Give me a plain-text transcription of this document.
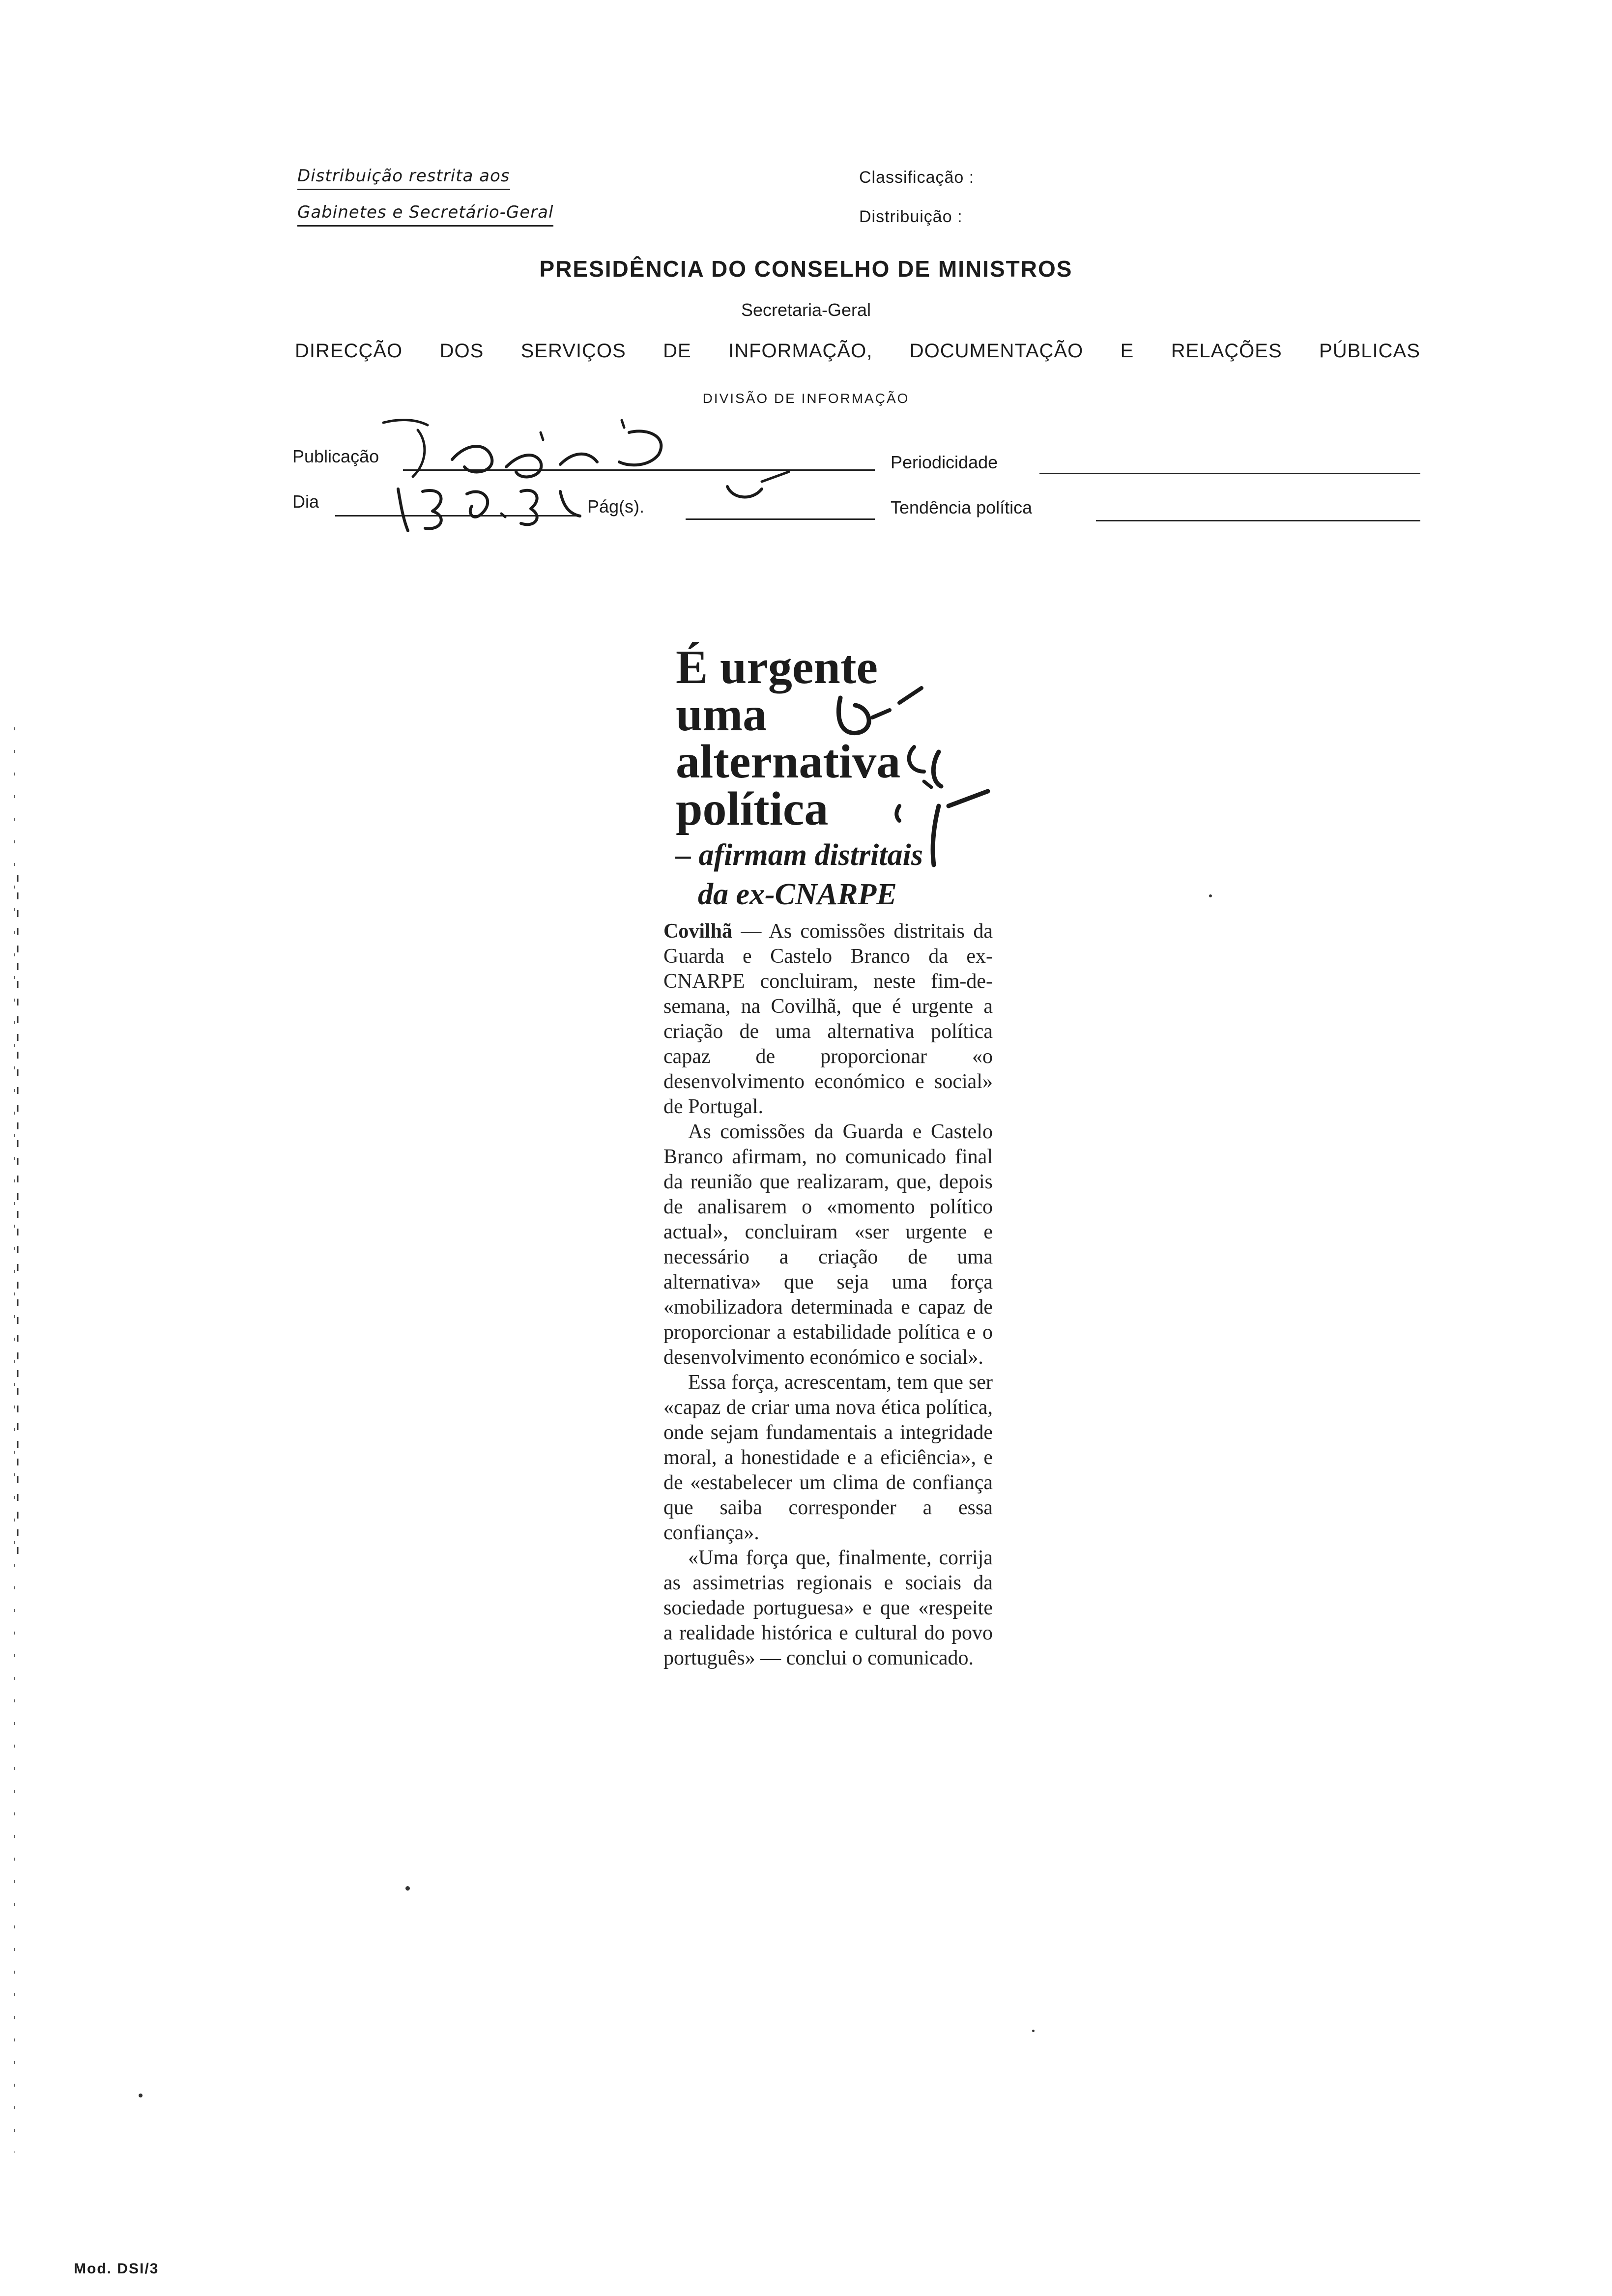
Distribuição restrita aos
Gabinetes e Secretário-Geral
Classificação :
Distribuição :
PRESIDÊNCIA DO CONSELHO DE MINISTROS
Secretaria-Geral
DIRECÇÃO DOS SERVIÇOS DE INFORMAÇÃO, DOCUMENTAÇÃO E RELAÇÕES PÚBLICAS
DIVISÃO DE INFORMAÇÃO
Publicação	Periodicidade
Dia	Pág(s).	Tendência política
É urgente
uma
alternativa
política
– afirmam distritais
da ex-CNARPE

Covilhã — As comissões distritais da Guarda e Castelo Branco da ex-CNARPE concluiram, neste fim-de-semana, na Covilhã, que é urgente a criação de uma alternativa política capaz de proporcionar «o desenvolvimento económico e social» de Portugal.

As comissões da Guarda e Castelo Branco afirmam, no comunicado final da reunião que realizaram, que, depois de analisarem o «momento político actual», concluiram «ser urgente e necessário a criação de uma alternativa» que seja uma força «mobilizadora determinada e capaz de proporcionar a estabilidade política e o desenvolvimento económico e social».

Essa força, acrescentam, tem que ser «capaz de criar uma nova ética política, onde sejam fundamentais a integridade moral, a honestidade e a eficiência», e de «estabelecer um clima de confiança que saiba corresponder a essa confiança».

«Uma força que, finalmente, corrija as assimetrias regionais e sociais da sociedade portuguesa» e que «respeite a realidade histórica e cultural do povo português» — conclui o comunicado.

Mod. DSI/3
